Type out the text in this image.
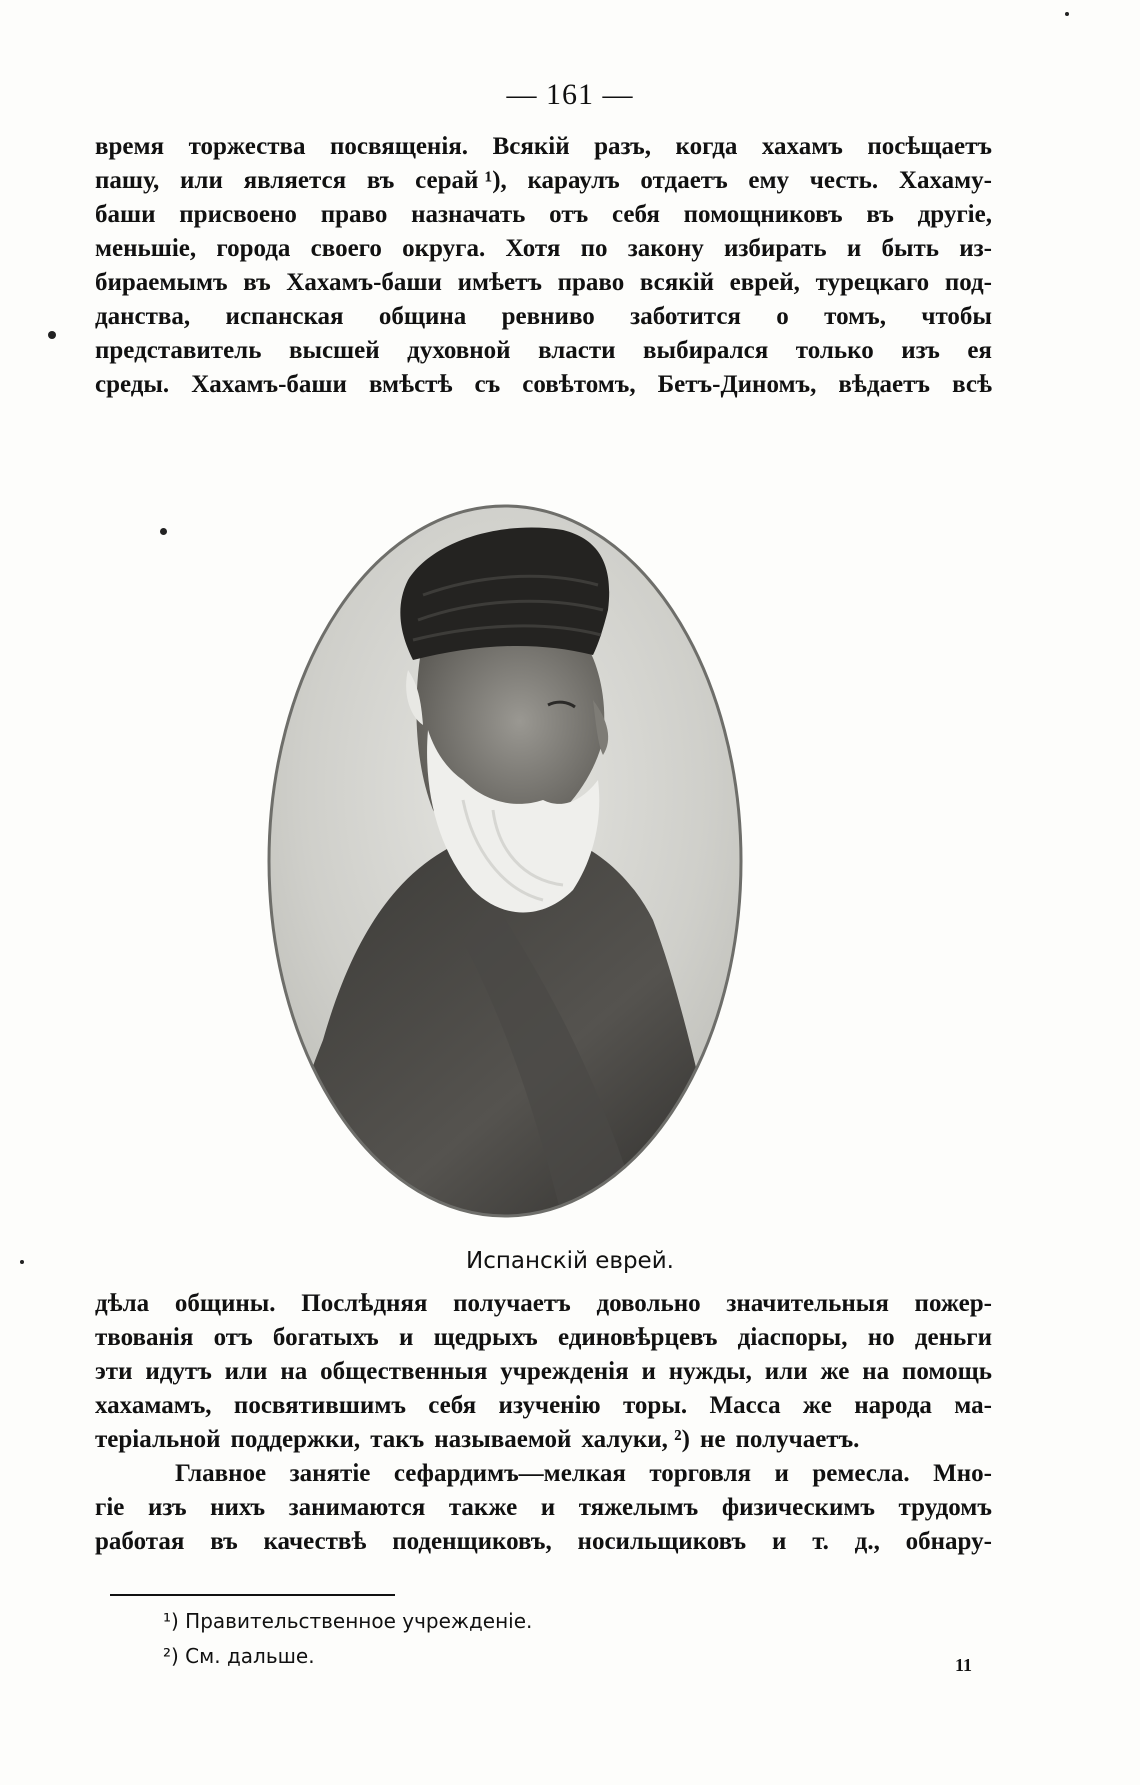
— 161 —
время торжества посвященія. Всякій разъ, когда хахамъ посѣщаетъ
пашу, или является въ серай ¹), караулъ отдаетъ ему честь. Хахаму-
баши присвоено право назначать отъ себя помощниковъ въ другіе,
меньшіе, города своего округа. Хотя по закону избирать и быть из-
бираемымъ въ Хахамъ-баши имѣетъ право всякій еврей, турецкаго под-
данства, испанская община ревниво заботится о томъ, чтобы
представитель высшей духовной власти выбирался только изъ ея
среды. Хахамъ-баши вмѣстѣ съ совѣтомъ, Бетъ-Диномъ, вѣдаетъ всѣ
Испанскій еврей.
дѣла общины. Послѣдняя получаетъ довольно значительныя пожер-
твованія отъ богатыхъ и щедрыхъ единовѣрцевъ діаспоры, но деньги
эти идутъ или на общественныя учрежденія и нужды, или же на помощь
хахамамъ, посвятившимъ себя изученію торы. Масса же народа ма-
теріальной поддержки, такъ называемой халуки, ²) не получаетъ.
Главное занятіе сефардимъ—мелкая торговля и ремесла. Мно-
гіе изъ нихъ занимаются также и тяжелымъ физическимъ трудомъ
работая въ качествѣ поденщиковъ, носильщиковъ и т. д., обнару-
¹) Правительственное учрежденіе.
²) См. дальше.	11
